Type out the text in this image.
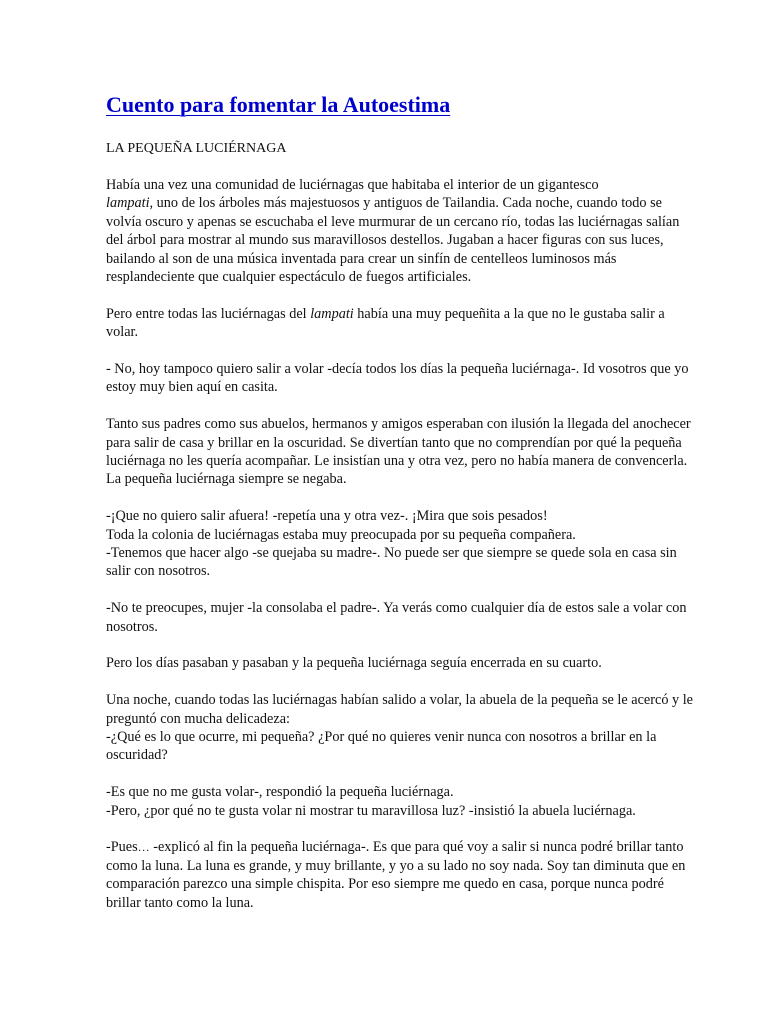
Cuento para fomentar la Autoestima

LA PEQUEÑA LUCIÉRNAGA

Había una vez una comunidad de luciérnagas que habitaba el interior de un gigantesco
lampati, uno de los árboles más majestuosos y antiguos de Tailandia. Cada noche, cuando todo se volvía oscuro y apenas se escuchaba el leve murmurar de un cercano río, todas las luciérnagas salían del árbol para mostrar al mundo sus maravillosos destellos. Jugaban a hacer figuras con sus luces, bailando al son de una música inventada para crear un sinfín de centelleos luminosos más resplandeciente que cualquier espectáculo de fuegos artificiales.

Pero entre todas las luciérnagas del lampati había una muy pequeñita a la que no le gustaba salir a volar.

- No, hoy tampoco quiero salir a volar -decía todos los días la pequeña luciérnaga-. Id vosotros que yo estoy muy bien aquí en casita.

Tanto sus padres como sus abuelos, hermanos y amigos esperaban con ilusión la llegada del anochecer para salir de casa y brillar en la oscuridad. Se divertían tanto que no comprendían por qué la pequeña luciérnaga no les quería acompañar. Le insistían una y otra vez, pero no había manera de convencerla. La pequeña luciérnaga siempre se negaba.

-¡Que no quiero salir afuera! -repetía una y otra vez-. ¡Mira que sois pesados!
Toda la colonia de luciérnagas estaba muy preocupada por su pequeña compañera.
-Tenemos que hacer algo -se quejaba su madre-. No puede ser que siempre se quede sola en casa sin salir con nosotros.

-No te preocupes, mujer -la consolaba el padre-. Ya verás como cualquier día de estos sale a volar con nosotros.

Pero los días pasaban y pasaban y la pequeña luciérnaga seguía encerrada en su cuarto.

Una noche, cuando todas las luciérnagas habían salido a volar, la abuela de la pequeña se le acercó y le preguntó con mucha delicadeza:
-¿Qué es lo que ocurre, mi pequeña? ¿Por qué no quieres venir nunca con nosotros a brillar en la oscuridad?

-Es que no me gusta volar-, respondió la pequeña luciérnaga.
-Pero, ¿por qué no te gusta volar ni mostrar tu maravillosa luz? -insistió la abuela luciérnaga.

-Pues… -explicó al fin la pequeña luciérnaga-. Es que para qué voy a salir si nunca podré brillar tanto como la luna. La luna es grande, y muy brillante, y yo a su lado no soy nada. Soy tan diminuta que en comparación parezco una simple chispita. Por eso siempre me quedo en casa, porque nunca podré brillar tanto como la luna.
